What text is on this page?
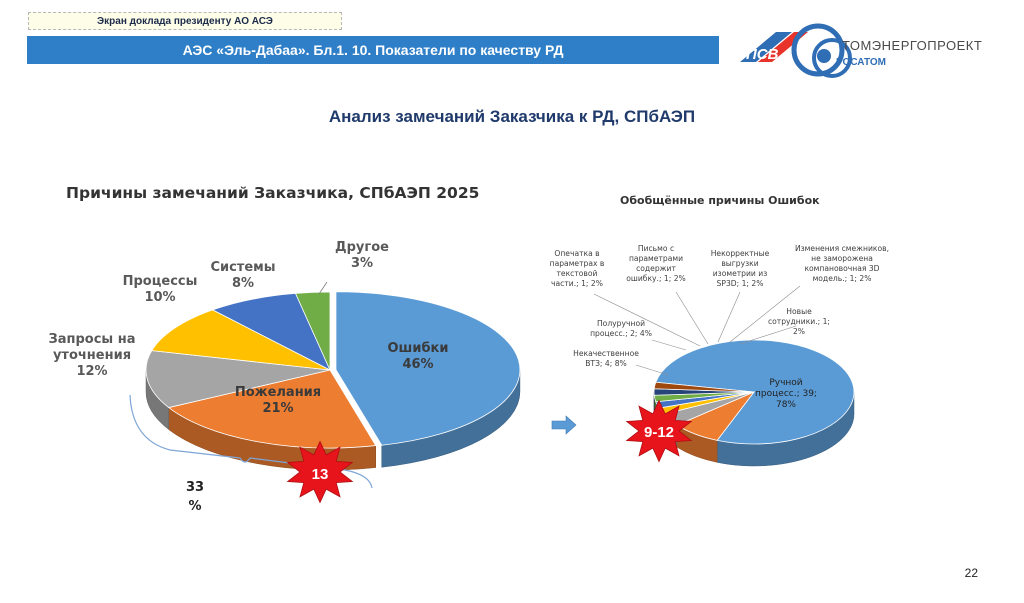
Экран доклада президенту АО АСЭ
АЭС «Эль-Дабаа». Бл.1. 10. Показатели по качеству РД	ПСВ
ТОМЭНЕРГОПРОЕКТ
РОСАТОМ
Анализ замечаний Заказчика к РД, СПбАЭП
Причины замечаний Заказчика, СПбАЭП 2025	Обобщённые причины Ошибок
Ошибки 46%
Пожелания 21%
Запросы на уточнения 12%
Процессы 10%
Системы 8%
Другое 3%
Ручной процесс.; 39; 78%
Некачественное ВТЗ; 4; 8%
Полуручной процесс.; 2; 4%
Опечатка в параметрах в текстовой части.; 1; 2%
Письмо с параметрами содержит ошибку.; 1; 2%
Некорректные выгрузки изометрии из SP3D; 1; 2%
Изменения смежников, не заморожена компановочная 3D модель.; 1; 2%
Новые сотрудники.; 1; 2%
13
9-12
33
%
22
